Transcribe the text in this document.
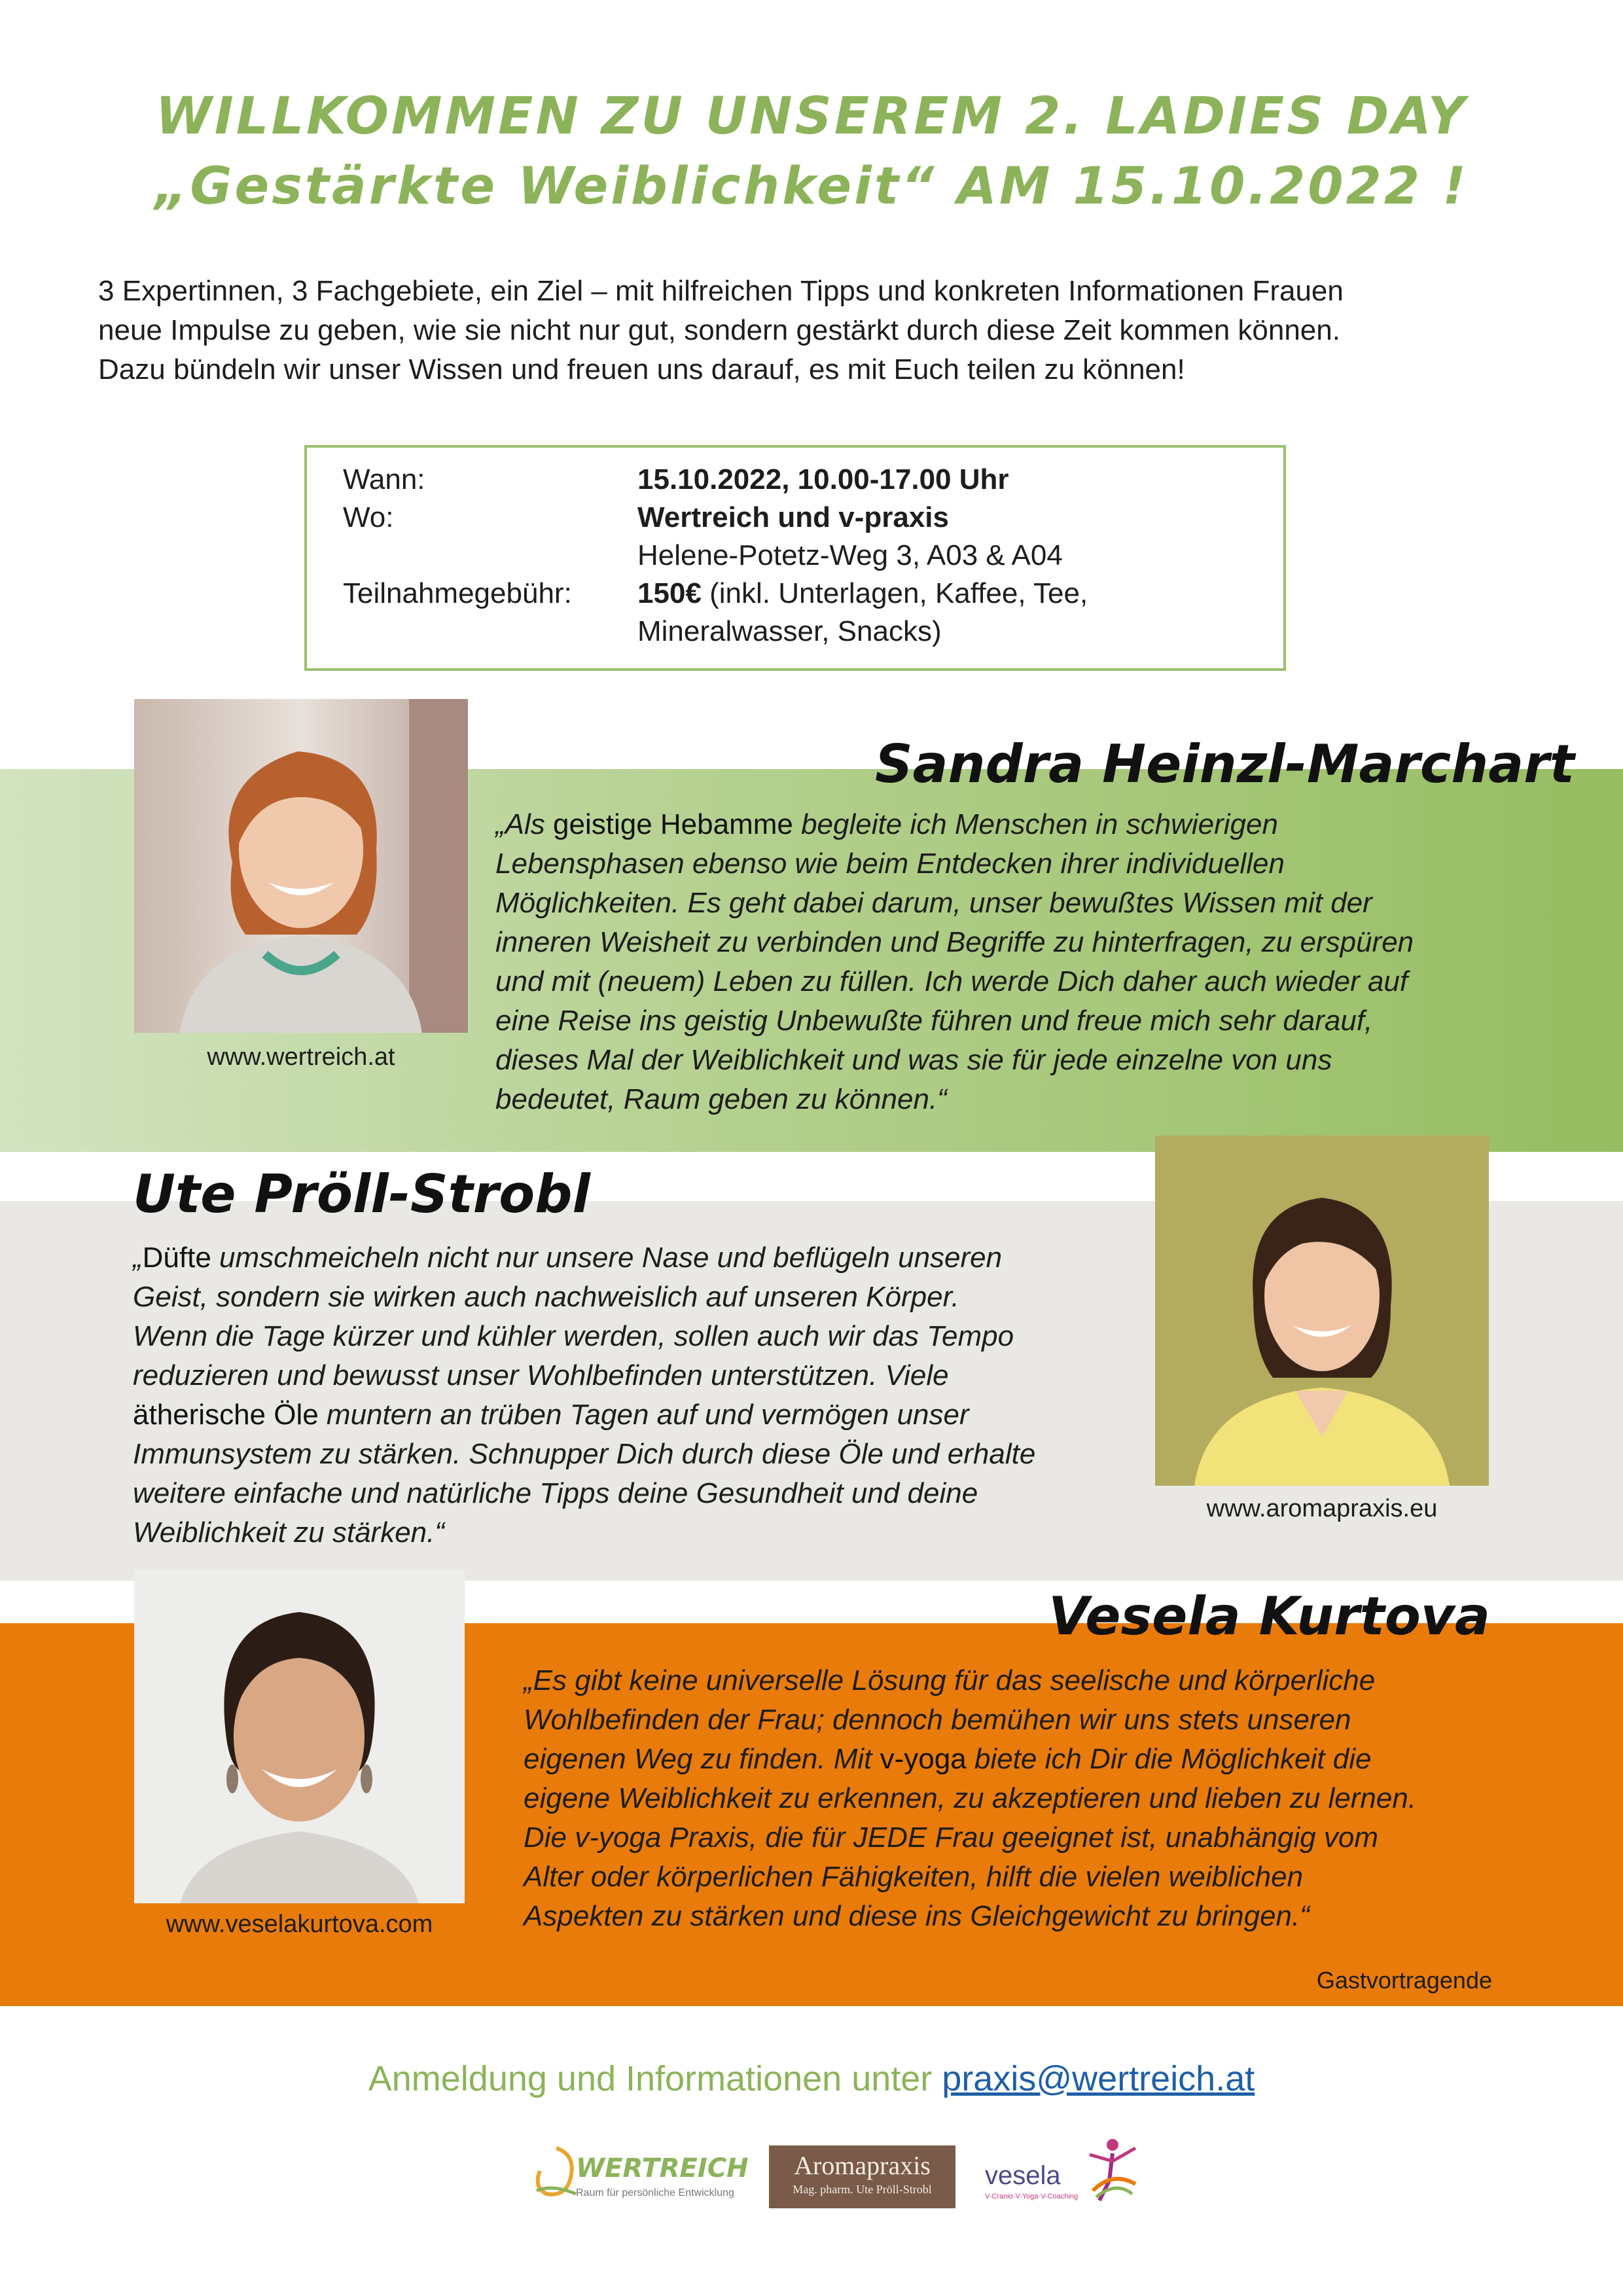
WILLKOMMEN ZU UNSEREM 2. LADIES DAY
„Gestärkte Weiblichkeit“ AM 15.10.2022 !
3 Expertinnen, 3 Fachgebiete, ein Ziel – mit hilfreichen Tipps und konkreten Informationen Frauen
neue Impulse zu geben, wie sie nicht nur gut, sondern gestärkt durch diese Zeit kommen können.
Dazu bündeln wir unser Wissen und freuen uns darauf, es mit Euch teilen zu können!
Wann:	15.10.2022, 10.00-17.00 Uhr
Wo:	Wertreich und v-praxis
Helene-Potetz-Weg 3, A03 & A04
Teilnahmegebühr: 150€ (inkl. Unterlagen, Kaffee, Tee,
Mineralwasser, Snacks)
www.wertreich.at
Sandra Heinzl-Marchart
„Als geistige Hebamme begleite ich Menschen in schwierigen
Lebensphasen ebenso wie beim Entdecken ihrer individuellen
Möglichkeiten. Es geht dabei darum, unser bewußtes Wissen mit der
inneren Weisheit zu verbinden und Begriffe zu hinterfragen, zu erspüren
und mit (neuem) Leben zu füllen. Ich werde Dich daher auch wieder auf
eine Reise ins geistig Unbewußte führen und freue mich sehr darauf,
dieses Mal der Weiblichkeit und was sie für jede einzelne von uns
bedeutet, Raum geben zu können.“
Ute Pröll-Strobl
www.aromapraxis.eu
„Düfte umschmeicheln nicht nur unsere Nase und beflügeln unseren
Geist, sondern sie wirken auch nachweislich auf unseren Körper.
Wenn die Tage kürzer und kühler werden, sollen auch wir das Tempo
reduzieren und bewusst unser Wohlbefinden unterstützen. Viele
ätherische Öle muntern an trüben Tagen auf und vermögen unser
Immunsystem zu stärken. Schnupper Dich durch diese Öle und erhalte
weitere einfache und natürliche Tipps deine Gesundheit und deine
Weiblichkeit zu stärken.“
www.veselakurtova.com
Vesela Kurtova
„Es gibt keine universelle Lösung für das seelische und körperliche
Wohlbefinden der Frau; dennoch bemühen wir uns stets unseren
eigenen Weg zu finden. Mit v-yoga biete ich Dir die Möglichkeit die
eigene Weiblichkeit zu erkennen, zu akzeptieren und lieben zu lernen.
Die v-yoga Praxis, die für JEDE Frau geeignet ist, unabhängig vom
Alter oder körperlichen Fähigkeiten, hilft die vielen weiblichen
Aspekten zu stärken und diese ins Gleichgewicht zu bringen.“
Gastvortragende
Anmeldung und Informationen unter praxis@wertreich.at
WERTREICH
Raum für persönliche Entwicklung
Aromapraxis
Mag. pharm. Ute Pröll-Strobl	vesela
V-Cranio·V-Yoga·V-Coaching
